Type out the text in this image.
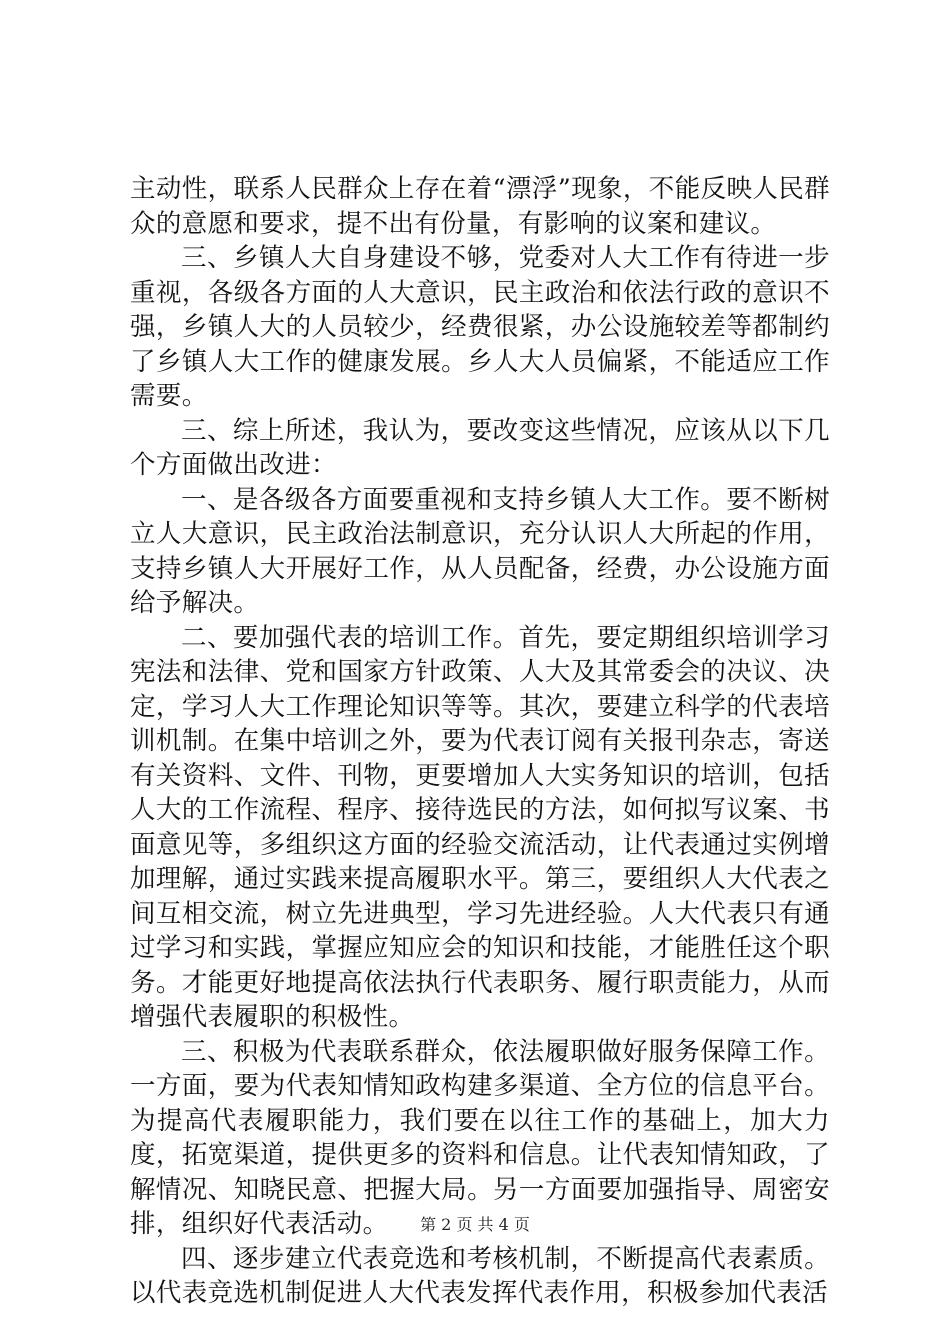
主动性，联系人民群众上存在着“漂浮”现象，不能反映人民群众的意愿和要求，提不出有份量，有影响的议案和建议。

三、乡镇人大自身建设不够，党委对人大工作有待进一步重视，各级各方面的人大意识，民主政治和依法行政的意识不强，乡镇人大的人员较少，经费很紧，办公设施较差等都制约了乡镇人大工作的健康发展。乡人大人员偏紧，不能适应工作需要。

三、综上所述，我认为，要改变这些情况，应该从以下几个方面做出改进：

一、是各级各方面要重视和支持乡镇人大工作。要不断树立人大意识，民主政治法制意识，充分认识人大所起的作用，支持乡镇人大开展好工作，从人员配备，经费，办公设施方面给予解决。

二、要加强代表的培训工作。首先，要定期组织培训学习宪法和法律、党和国家方针政策、人大及其常委会的决议、决定，学习人大工作理论知识等等。其次，要建立科学的代表培训机制。在集中培训之外，要为代表订阅有关报刊杂志，寄送有关资料、文件、刊物，更要增加人大实务知识的培训，包括人大的工作流程、程序、接待选民的方法，如何拟写议案、书面意见等，多组织这方面的经验交流活动，让代表通过实例增加理解，通过实践来提高履职水平。第三，要组织人大代表之间互相交流，树立先进典型，学习先进经验。人大代表只有通过学习和实践，掌握应知应会的知识和技能，才能胜任这个职务。才能更好地提高依法执行代表职务、履行职责能力，从而增强代表履职的积极性。

三、积极为代表联系群众，依法履职做好服务保障工作。一方面，要为代表知情知政构建多渠道、全方位的信息平台。为提高代表履职能力，我们要在以往工作的基础上，加大力度，拓宽渠道，提供更多的资料和信息。让代表知情知政，了解情况、知晓民意、把握大局。另一方面要加强指导、周密安排，组织好代表活动。

四、逐步建立代表竞选和考核机制，不断提高代表素质。以代表竞选机制促进人大代表发挥代表作用，积极参加代表活

第 2 页 共 4 页
